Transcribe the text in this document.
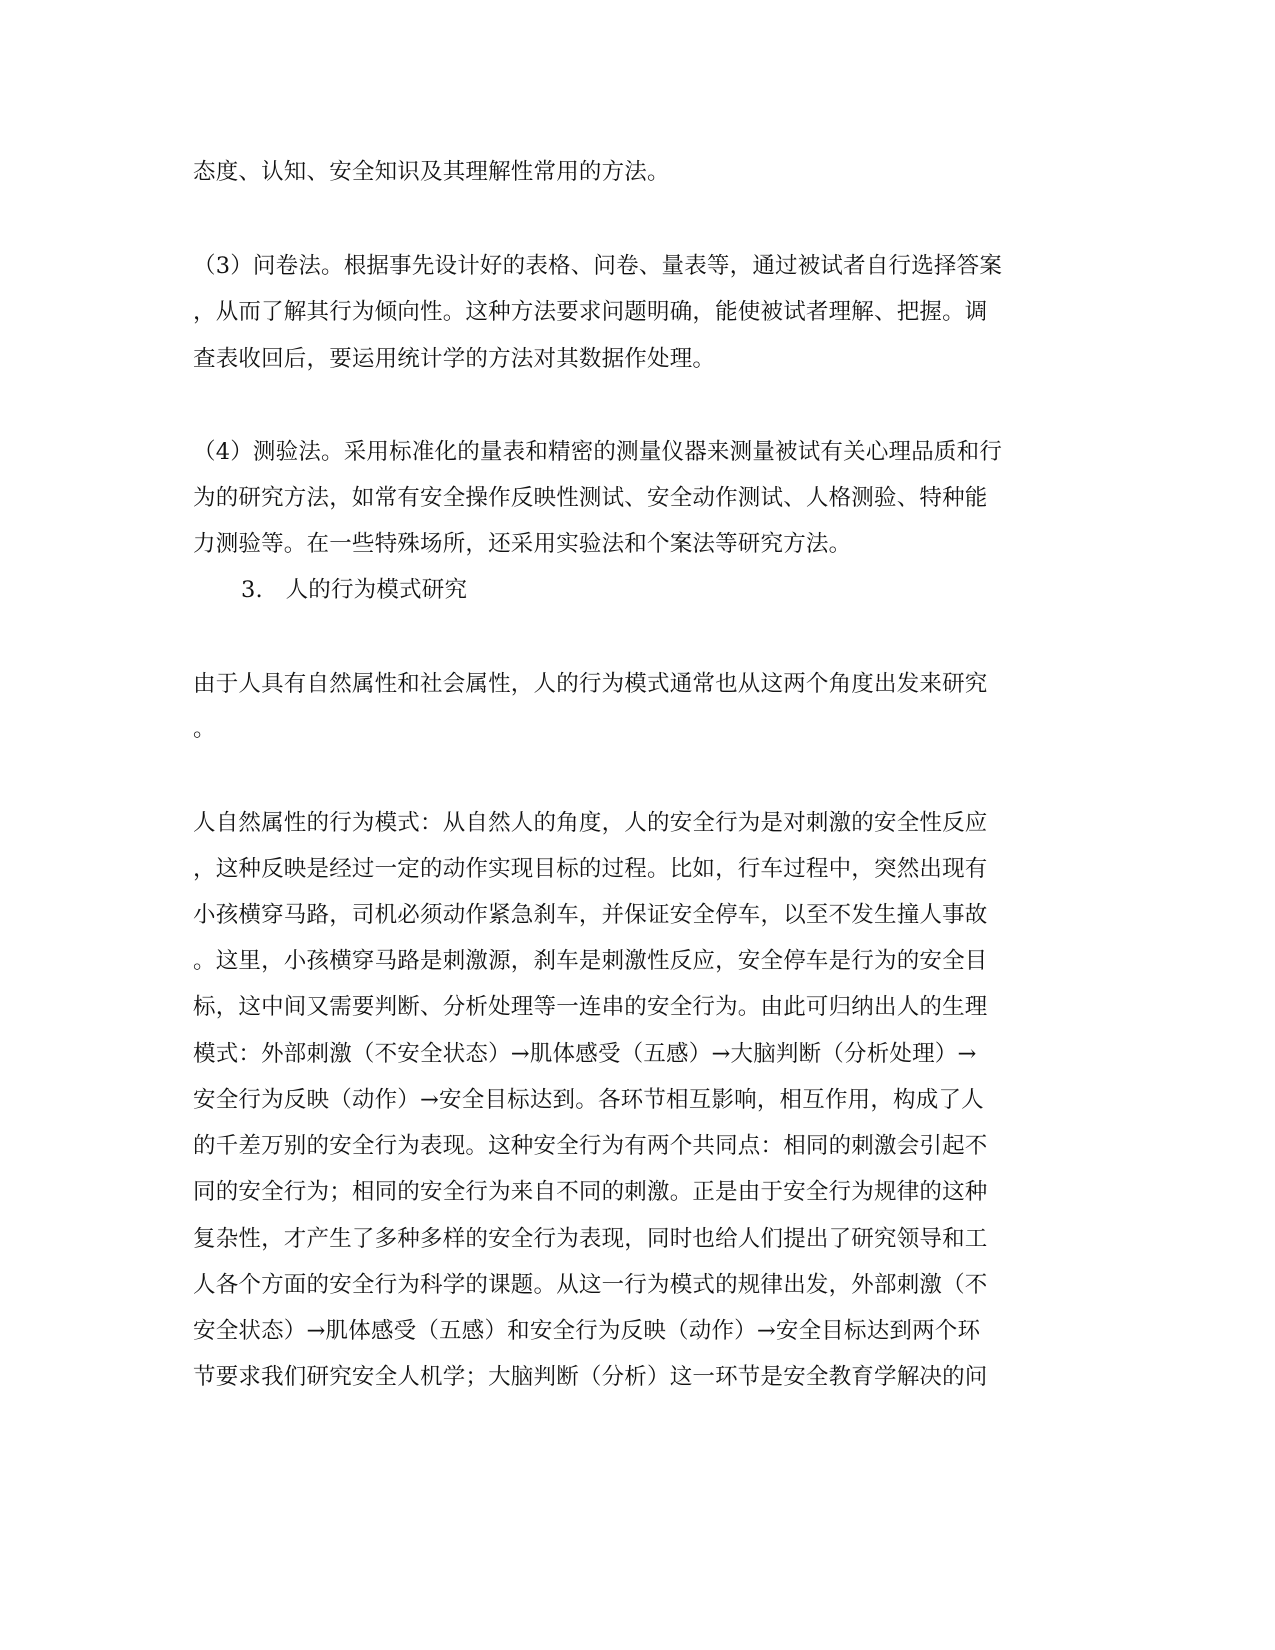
态度、认知、安全知识及其理解性常用的方法。
（3）问卷法。根据事先设计好的表格、问卷、量表等，通过被试者自行选择答案
，从而了解其行为倾向性。这种方法要求问题明确，能使被试者理解、把握。调
查表收回后，要运用统计学的方法对其数据作处理。
（4）测验法。采用标准化的量表和精密的测量仪器来测量被试有关心理品质和行
为的研究方法，如常有安全操作反映性测试、安全动作测试、人格测验、特种能
力测验等。在一些特殊场所，还采用实验法和个案法等研究方法。
3.　人的行为模式研究
由于人具有自然属性和社会属性，人的行为模式通常也从这两个角度出发来研究
。
人自然属性的行为模式：从自然人的角度，人的安全行为是对刺激的安全性反应
，这种反映是经过一定的动作实现目标的过程。比如，行车过程中，突然出现有
小孩横穿马路，司机必须动作紧急刹车，并保证安全停车，以至不发生撞人事故
。这里，小孩横穿马路是刺激源，刹车是刺激性反应，安全停车是行为的安全目
标，这中间又需要判断、分析处理等一连串的安全行为。由此可归纳出人的生理
模式：外部刺激（不安全状态）→肌体感受（五感）→大脑判断（分析处理）→
安全行为反映（动作）→安全目标达到。各环节相互影响，相互作用，构成了人
的千差万别的安全行为表现。这种安全行为有两个共同点：相同的刺激会引起不
同的安全行为；相同的安全行为来自不同的刺激。正是由于安全行为规律的这种
复杂性，才产生了多种多样的安全行为表现，同时也给人们提出了研究领导和工
人各个方面的安全行为科学的课题。从这一行为模式的规律出发，外部刺激（不
安全状态）→肌体感受（五感）和安全行为反映（动作）→安全目标达到两个环
节要求我们研究安全人机学；大脑判断（分析）这一环节是安全教育学解决的问
